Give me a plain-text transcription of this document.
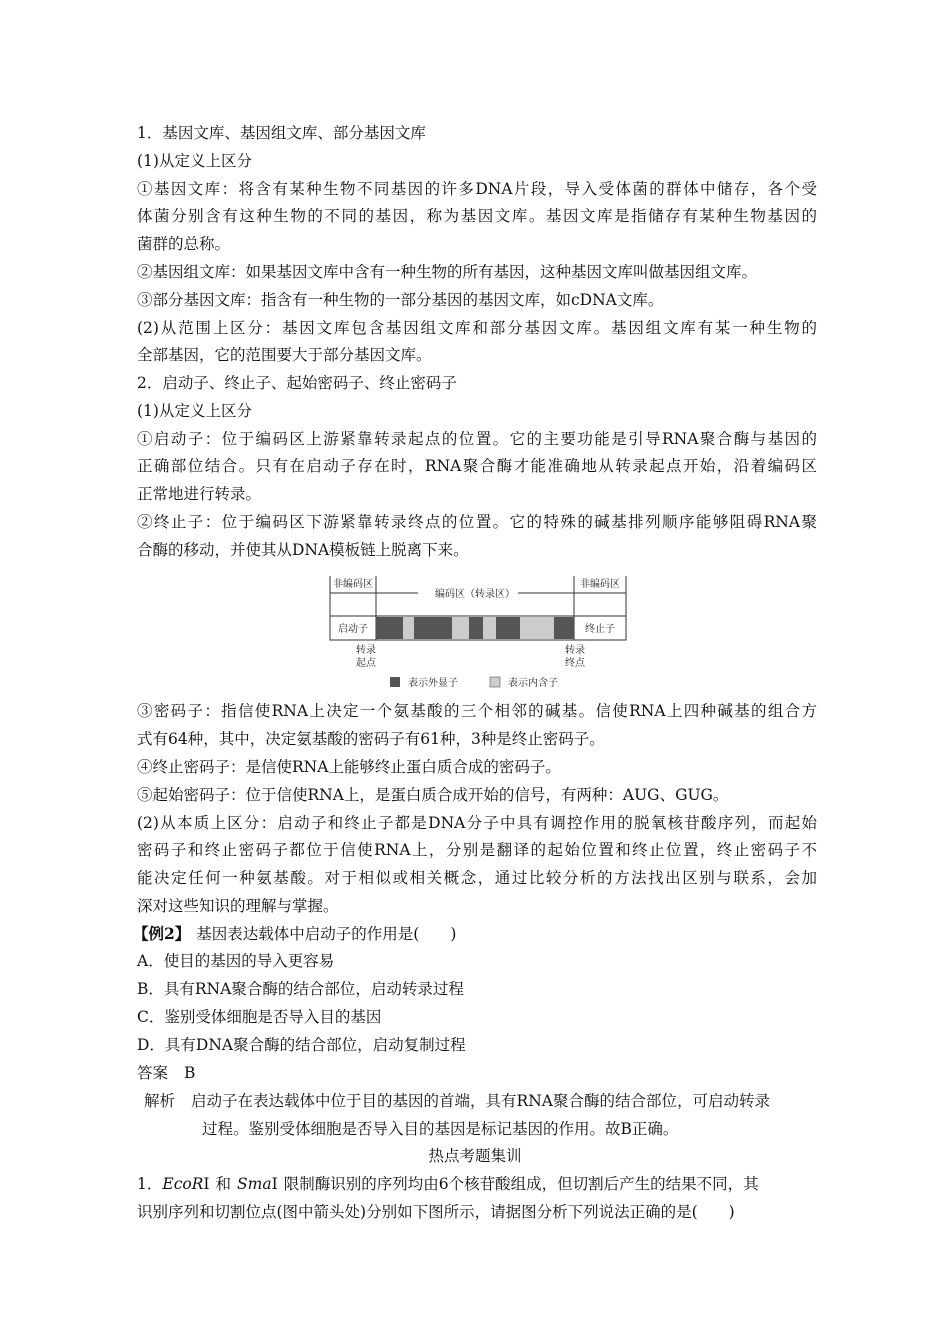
1．基因文库、基因组文库、部分基因文库
(1)从定义上区分
①基因文库：将含有某种生物不同基因的许多DNA片段，导入受体菌的群体中储存，各个受
体菌分别含有这种生物的不同的基因，称为基因文库。基因文库是指储存有某种生物基因的
菌群的总称。
②基因组文库：如果基因文库中含有一种生物的所有基因，这种基因文库叫做基因组文库。
③部分基因文库：指含有一种生物的一部分基因的基因文库，如cDNA文库。
(2)从范围上区分：基因文库包含基因组文库和部分基因文库。基因组文库有某一种生物的
全部基因，它的范围要大于部分基因文库。
2．启动子、终止子、起始密码子、终止密码子
(1)从定义上区分
①启动子：位于编码区上游紧靠转录起点的位置。它的主要功能是引导RNA聚合酶与基因的
正确部位结合。只有在启动子存在时，RNA聚合酶才能准确地从转录起点开始，沿着编码区
正常地进行转录。
②终止子：位于编码区下游紧靠转录终点的位置。它的特殊的碱基排列顺序能够阻碍RNA聚
合酶的移动，并使其从DNA模板链上脱离下来。
非编码区
编码区（转录区）
非编码区
启动子	终止子
转录
起点
转录
终点
表示外显子	表示内含子
③密码子：指信使RNA上决定一个氨基酸的三个相邻的碱基。信使RNA上四种碱基的组合方
式有64种，其中，决定氨基酸的密码子有61种，3种是终止密码子。
④终止密码子：是信使RNA上能够终止蛋白质合成的密码子。
⑤起始密码子：位于信使RNA上，是蛋白质合成开始的信号，有两种：AUG、GUG。
(2)从本质上区分：启动子和终止子都是DNA分子中具有调控作用的脱氧核苷酸序列，而起始
密码子和终止密码子都位于信使RNA上，分别是翻译的起始位置和终止位置，终止密码子不
能决定任何一种氨基酸。对于相似或相关概念，通过比较分析的方法找出区别与联系，会加
深对这些知识的理解与掌握。
【例2】 基因表达载体中启动子的作用是(　　)
A．使目的基因的导入更容易
B．具有RNA聚合酶的结合部位，启动转录过程
C．鉴别受体细胞是否导入目的基因
D．具有DNA聚合酶的结合部位，启动复制过程
答案 B
解析 启动子在表达载体中位于目的基因的首端，具有RNA聚合酶的结合部位，可启动转录
过程。鉴别受体细胞是否导入目的基因是标记基因的作用。故B正确。
热点考题集训
1．EcoRⅠ 和 SmaⅠ 限制酶识别的序列均由6个核苷酸组成，但切割后产生的结果不同，其
识别序列和切割位点(图中箭头处)分别如下图所示，请据图分析下列说法正确的是(　　)
